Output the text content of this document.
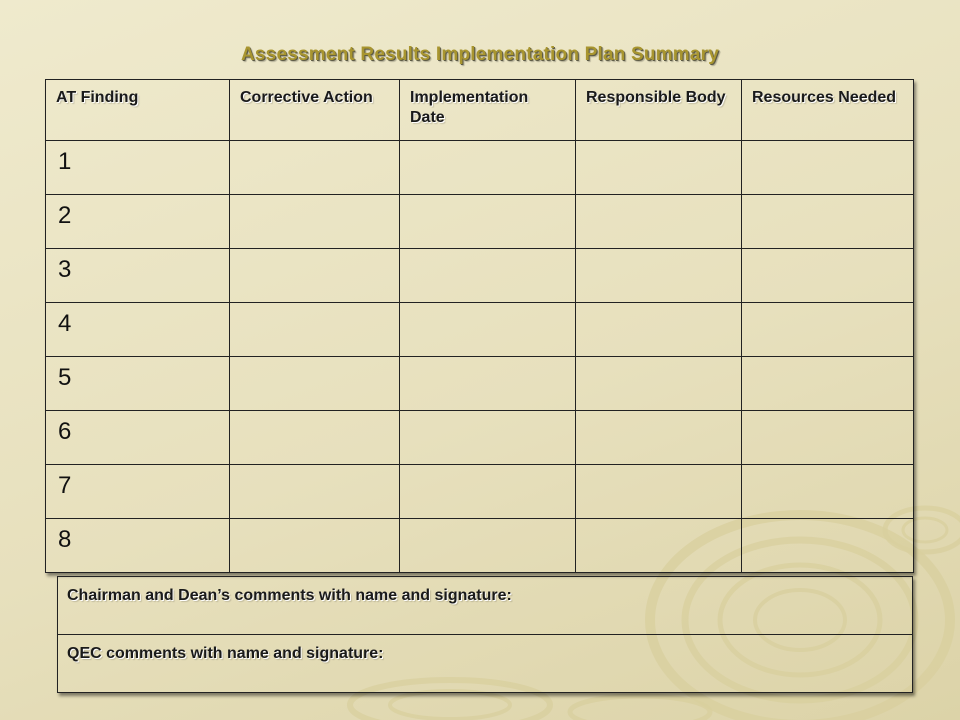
Assessment Results Implementation Plan Summary
AT Finding	Corrective Action	Implementation Date	Responsible Body	Resources Needed
1				
2				
3				
4				
5				
6				
7				
8				
Chairman and Dean’s comments with name and signature:
QEC comments with name and signature:
